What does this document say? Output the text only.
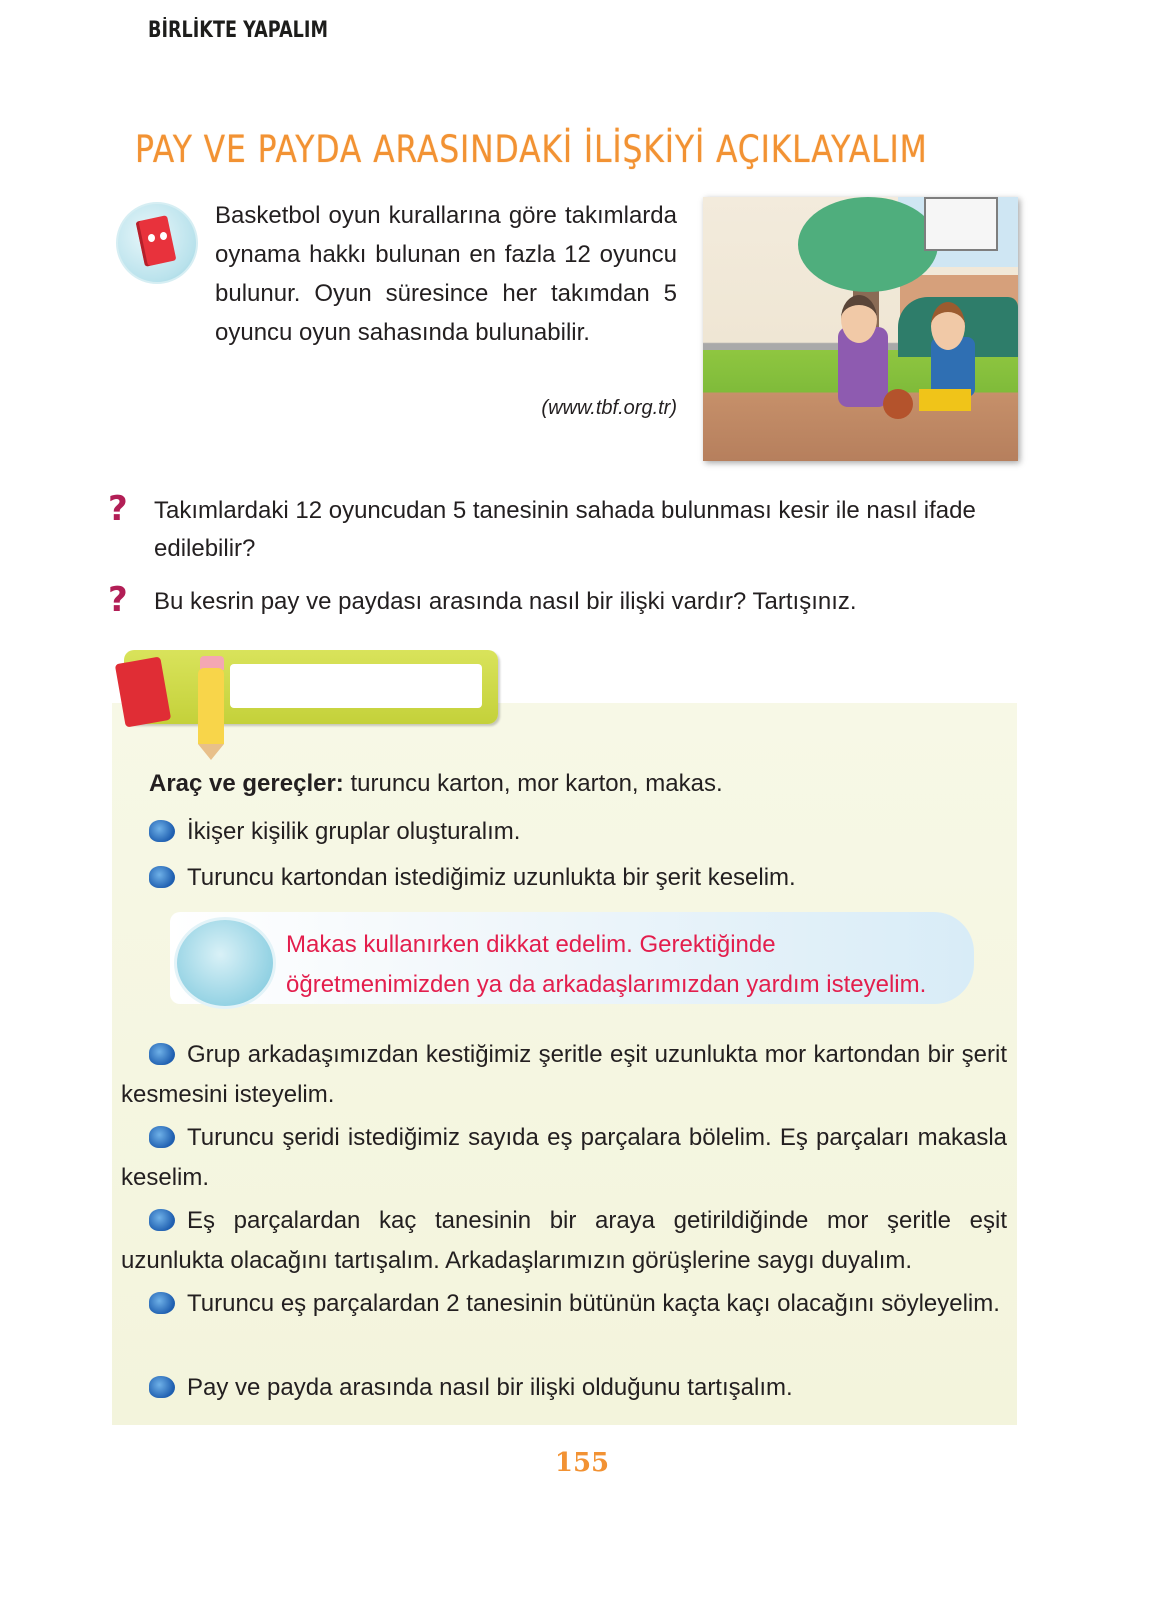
PAY VE PAYDA ARASINDAKİ İLİŞKİYİ AÇIKLAYALIM
Basketbol oyun kurallarına göre takımlarda oynama hakkı bulunan en fazla 12 oyuncu bulunur. Oyun süresince her takımdan 5 oyuncu oyun sahasında bulunabilir.
(www.tbf.org.tr)
?	Takımlardaki 12 oyuncudan 5 tanesinin sahada bulunması kesir ile nasıl ifade edilebilir?
?	Bu kesrin pay ve paydası arasında nasıl bir ilişki vardır? Tartışınız.
BİRLİKTE YAPALIM
Araç ve gereçler: turuncu karton, mor karton, makas.
İkişer kişilik gruplar oluşturalım.
Turuncu kartondan istediğimiz uzunlukta bir şerit keselim.
Makas kullanırken dikkat edelim. Gerektiğinde öğretmenimizden ya da arkadaşlarımızdan yardım isteyelim.
Grup arkadaşımızdan kestiğimiz şeritle eşit uzunlukta mor kartondan bir şerit kesmesini isteyelim.
Turuncu şeridi istediğimiz sayıda eş parçalara bölelim. Eş parçaları makasla keselim.
Eş parçalardan kaç tanesinin bir araya getirildiğinde mor şeritle eşit uzunlukta olacağını tartışalım. Arkadaşlarımızın görüşlerine saygı duyalım.
Turuncu eş parçalardan 2 tanesinin bütünün kaçta kaçı olacağını söyleyelim.
Pay ve payda arasında nasıl bir ilişki olduğunu tartışalım.
155
